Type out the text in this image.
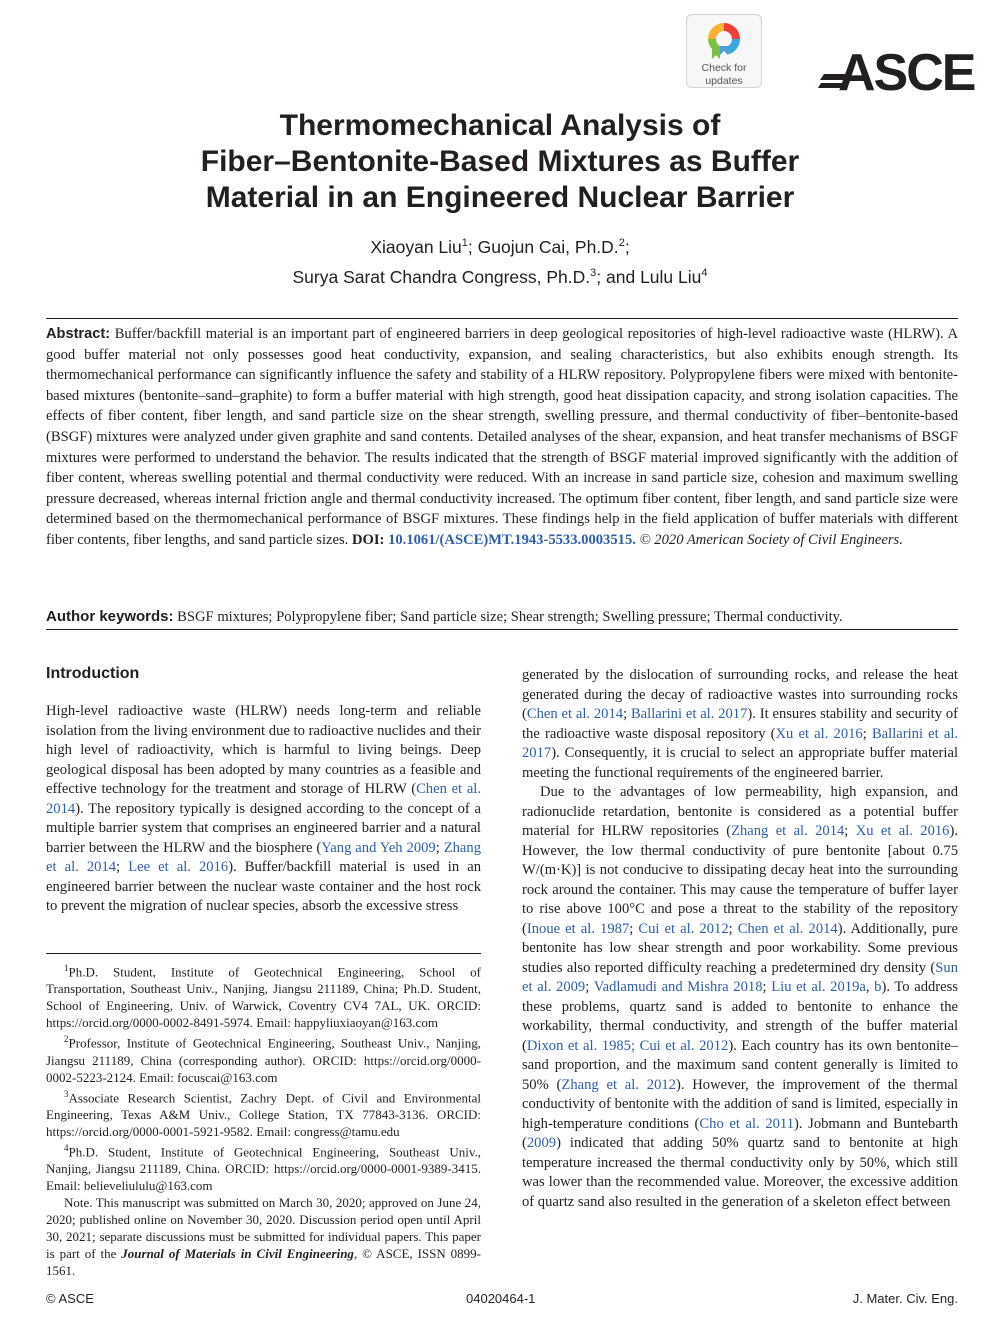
Check for
updates	ASCE
Thermomechanical Analysis of
Fiber–Bentonite-Based Mixtures as Buffer
Material in an Engineered Nuclear Barrier
Xiaoyan Liu$^1$; Guojun Cai, Ph.D.$^2$;
Surya Sarat Chandra Congress, Ph.D.$^3$; and Lulu Liu$^4$
Abstract: Buffer/backfill material is an important part of engineered barriers in deep geological repositories of high-level radioactive waste (HLRW). A good buffer material not only possesses good heat conductivity, expansion, and sealing characteristics, but also exhibits enough strength. Its thermomechanical performance can significantly influence the safety and stability of a HLRW repository. Polypropylene fibers were mixed with bentonite-based mixtures (bentonite–sand–graphite) to form a buffer material with high strength, good heat dissipation capacity, and strong isolation capacities. The effects of fiber content, fiber length, and sand particle size on the shear strength, swelling pressure, and thermal conductivity of fiber–bentonite-based (BSGF) mixtures were analyzed under given graphite and sand contents. Detailed analyses of the shear, expansion, and heat transfer mechanisms of BSGF mixtures were performed to understand the behavior. The results indicated that the strength of BSGF material improved significantly with the addition of fiber content, whereas swelling potential and thermal conductivity were reduced. With an increase in sand particle size, cohesion and maximum swelling pressure decreased, whereas internal friction angle and thermal conductivity increased. The optimum fiber content, fiber length, and sand particle size were determined based on the thermomechanical performance of BSGF mixtures. These findings help in the field application of buffer materials with different fiber contents, fiber lengths, and sand particle sizes. DOI: 10.1061/(ASCE)MT.1943-5533.0003515. © 2020 American Society of Civil Engineers.
Author keywords: BSGF mixtures; Polypropylene fiber; Sand particle size; Shear strength; Swelling pressure; Thermal conductivity.
Introduction

High-level radioactive waste (HLRW) needs long-term and reliable isolation from the living environment due to radioactive nuclides and their high level of radioactivity, which is harmful to living beings. Deep geological disposal has been adopted by many countries as a feasible and effective technology for the treatment and storage of HLRW (Chen et al. 2014). The repository typically is designed according to the concept of a multiple barrier system that comprises an engineered barrier and a natural barrier between the HLRW and the biosphere (Yang and Yeh 2009; Zhang et al. 2014; Lee et al. 2016). Buffer/backfill material is used in an engineered barrier between the nuclear waste container and the host rock to prevent the migration of nuclear species, absorb the excessive stress

$^1$Ph.D. Student, Institute of Geotechnical Engineering, School of Transportation, Southeast Univ., Nanjing, Jiangsu 211189, China; Ph.D. Student, School of Engineering, Univ. of Warwick, Coventry CV4 7AL, UK. ORCID: https://orcid.org/0000-0002-8491-5974. Email: happyliuxiaoyan@163.com

$^2$Professor, Institute of Geotechnical Engineering, Southeast Univ., Nanjing, Jiangsu 211189, China (corresponding author). ORCID: https://orcid.org/0000-0002-5223-2124. Email: focuscai@163.com

$^3$Associate Research Scientist, Zachry Dept. of Civil and Environmental Engineering, Texas A&M Univ., College Station, TX 77843-3136. ORCID: https://orcid.org/0000-0001-5921-9582. Email: congress@tamu.edu

$^4$Ph.D. Student, Institute of Geotechnical Engineering, Southeast Univ., Nanjing, Jiangsu 211189, China. ORCID: https://orcid.org/0000-0001-9389-3415. Email: believeliululu@163.com

Note. This manuscript was submitted on March 30, 2020; approved on June 24, 2020; published online on November 30, 2020. Discussion period open until April 30, 2021; separate discussions must be submitted for individual papers. This paper is part of the Journal of Materials in Civil Engineering, © ASCE, ISSN 0899-1561.

generated by the dislocation of surrounding rocks, and release the heat generated during the decay of radioactive wastes into surrounding rocks (Chen et al. 2014; Ballarini et al. 2017). It ensures stability and security of the radioactive waste disposal repository (Xu et al. 2016; Ballarini et al. 2017). Consequently, it is crucial to select an appropriate buffer material meeting the functional requirements of the engineered barrier.

Due to the advantages of low permeability, high expansion, and radionuclide retardation, bentonite is considered as a potential buffer material for HLRW repositories (Zhang et al. 2014; Xu et al. 2016). However, the low thermal conductivity of pure bentonite [about 0.75 W/(m·K)] is not conducive to dissipating decay heat into the surrounding rock around the container. This may cause the temperature of buffer layer to rise above 100°C and pose a threat to the stability of the repository (Inoue et al. 1987; Cui et al. 2012; Chen et al. 2014). Additionally, pure bentonite has low shear strength and poor workability. Some previous studies also reported difficulty reaching a predetermined dry density (Sun et al. 2009; Vadlamudi and Mishra 2018; Liu et al. 2019a, b). To address these problems, quartz sand is added to bentonite to enhance the workability, thermal conductivity, and strength of the buffer material (Dixon et al. 1985; Cui et al. 2012). Each country has its own bentonite–sand proportion, and the maximum sand content generally is limited to 50% (Zhang et al. 2012). However, the improvement of the thermal conductivity of bentonite with the addition of sand is limited, especially in high-temperature conditions (Cho et al. 2011). Jobmann and Buntebarth (2009) indicated that adding 50% quartz sand to bentonite at high temperature increased the thermal conductivity only by 50%, which still was lower than the recommended value. Moreover, the excessive addition of quartz sand also resulted in the generation of a skeleton effect between

© ASCE	04020464-1	J. Mater. Civ. Eng.
